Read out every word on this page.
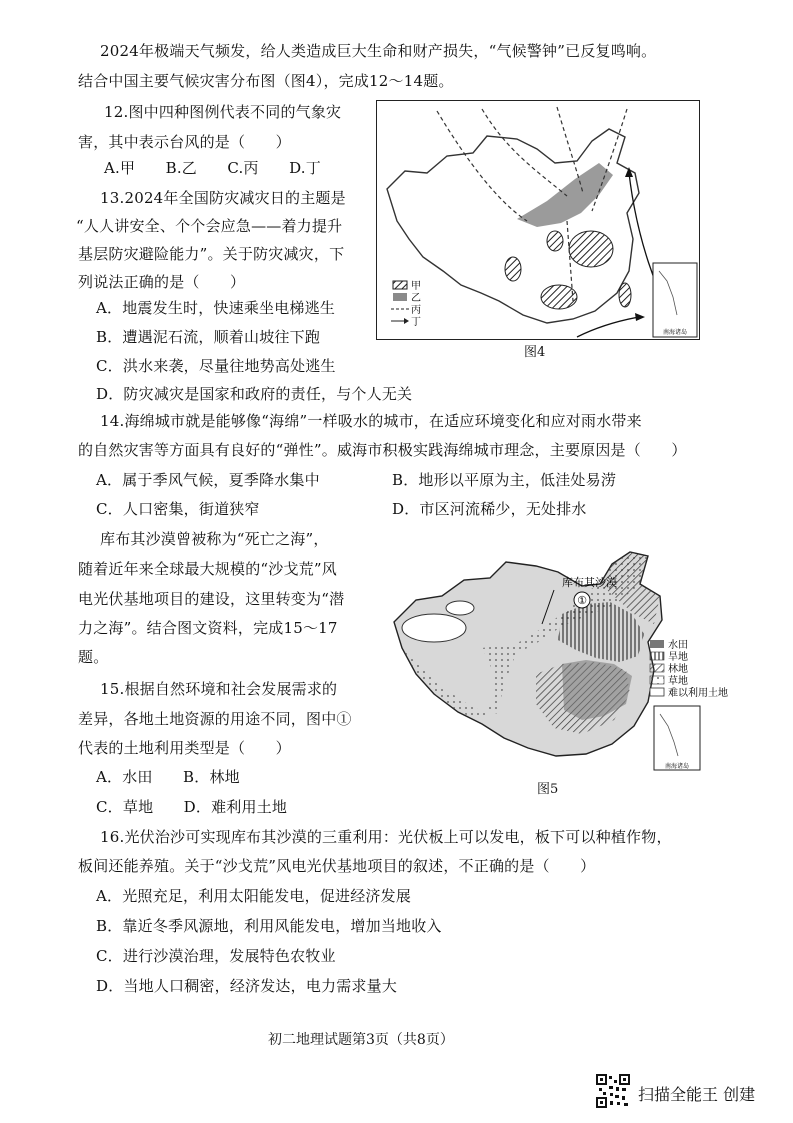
2024年极端天气频发，给人类造成巨大生命和财产损失，“气候警钟”已反复鸣响。
结合中国主要气候灾害分布图（图4），完成12～14题。
12.图中四种图例代表不同的气象灾
害，其中表示台风的是（　　）
A.甲　　B.乙　　C.丙　　D.丁
13.2024年全国防灾减灾日的主题是
“人人讲安全、个个会应急——着力提升
基层防灾避险能力”。关于防灾减灾，下
列说法正确的是（　　）
A．地震发生时，快速乘坐电梯逃生
B．遭遇泥石流，顺着山坡往下跑
C．洪水来袭，尽量往地势高处逃生
D．防灾减灾是国家和政府的责任，与个人无关
南海诸岛
甲
乙
丙
丁
图4
14.海绵城市就是能够像“海绵”一样吸水的城市，在适应环境变化和应对雨水带来
的自然灾害等方面具有良好的“弹性”。威海市积极实践海绵城市理念，主要原因是（　　）
A．属于季风气候，夏季降水集中	B．地形以平原为主，低洼处易涝
C．人口密集，街道狭窄	D．市区河流稀少，无处排水
库布其沙漠曾被称为“死亡之海”，
随着近年来全球最大规模的“沙戈荒”风
电光伏基地项目的建设，这里转变为“潜
力之海”。结合图文资料，完成15～17
题。
库布其沙漠
①
水田
旱地
林地
草地
难以利用土地
南海诸岛
图5
15.根据自然环境和社会发展需求的
差异，各地土地资源的用途不同，图中①
代表的土地利用类型是（　　）
A．水田　　B．林地
C．草地　　D．难利用土地
16.光伏治沙可实现库布其沙漠的三重利用：光伏板上可以发电，板下可以种植作物，
板间还能养殖。关于“沙戈荒”风电光伏基地项目的叙述，不正确的是（　　）
A．光照充足，利用太阳能发电，促进经济发展
B．靠近冬季风源地，利用风能发电，增加当地收入
C．进行沙漠治理，发展特色农牧业
D．当地人口稠密，经济发达，电力需求量大
初二地理试题第3页（共8页）
扫描全能王 创建
